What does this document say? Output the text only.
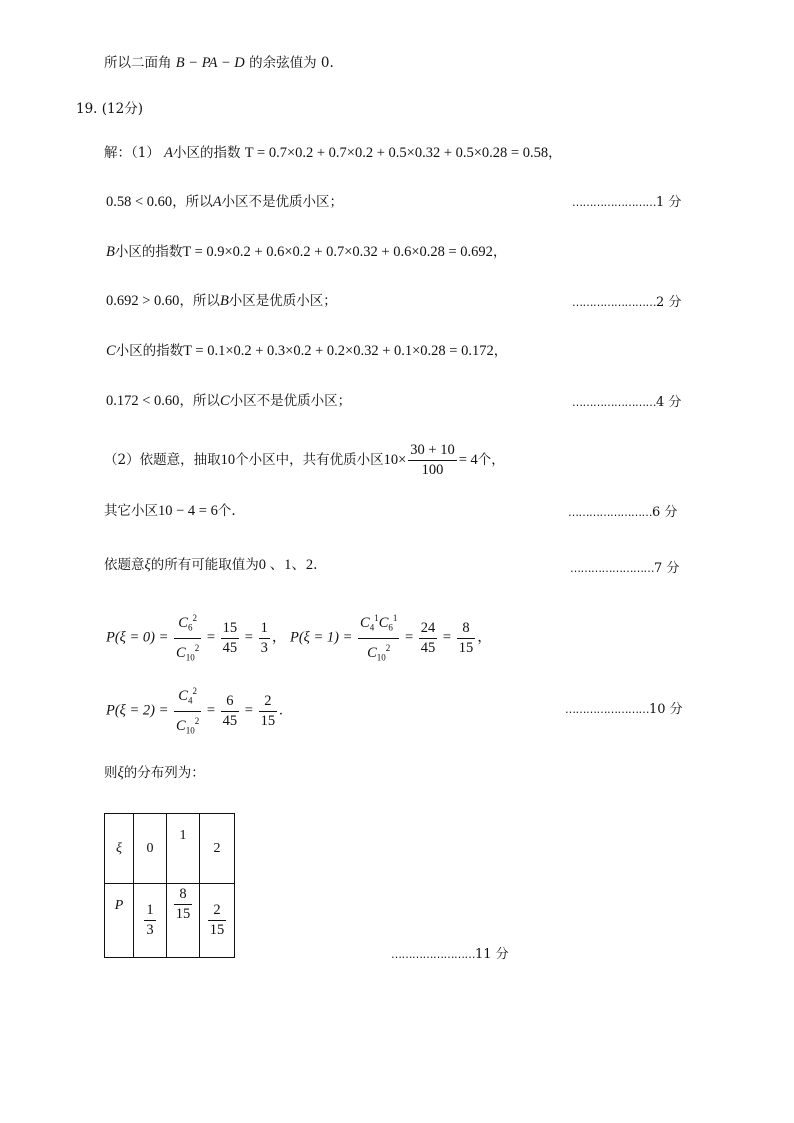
所以二面角 B − PA − D 的余弦值为 0.
19. (12分)
解：（1） A小区的指数 T = 0.7×0.2 + 0.7×0.2 + 0.5×0.32 + 0.5×0.28 = 0.58，
0.58 < 0.60，所以A小区不是优质小区；	……………………1 分
B小区的指数T = 0.9×0.2 + 0.6×0.2 + 0.7×0.32 + 0.6×0.28 = 0.692，
0.692 > 0.60，所以B小区是优质小区；	……………………2 分
C小区的指数T = 0.1×0.2 + 0.3×0.2 + 0.2×0.32 + 0.1×0.28 = 0.172，
0.172 < 0.60，所以C小区不是优质小区；	……………………4 分
（2）依题意，抽取10个小区中，共有优质小区$10\times \frac{30 + 10}{100} = 4$个，
其它小区10 − 4 = 6个.	……………………6 分
依题意ξ的所有可能取值为0 、1、2.	……………………7 分
$P(\xi = 0) = \frac{C_6^2}{C_{10}^2} = \frac{15}{45} = \frac{1}{3}$ ， $P(\xi = 1) = \frac{C_4^1C_6^1}{C_{10}^2} = \frac{24}{45} = \frac{8}{15}$ ，
$P(\xi = 2) = \frac{C_4^2}{C_{10}^2} = \frac{6}{45} = \frac{2}{15}$ .	……………………10 分
则ξ的分布列为：
ξ	0	1	2
P	$\frac{1}{3}$	$\frac{8}{15}$	$\frac{2}{15}$
……………………11 分
